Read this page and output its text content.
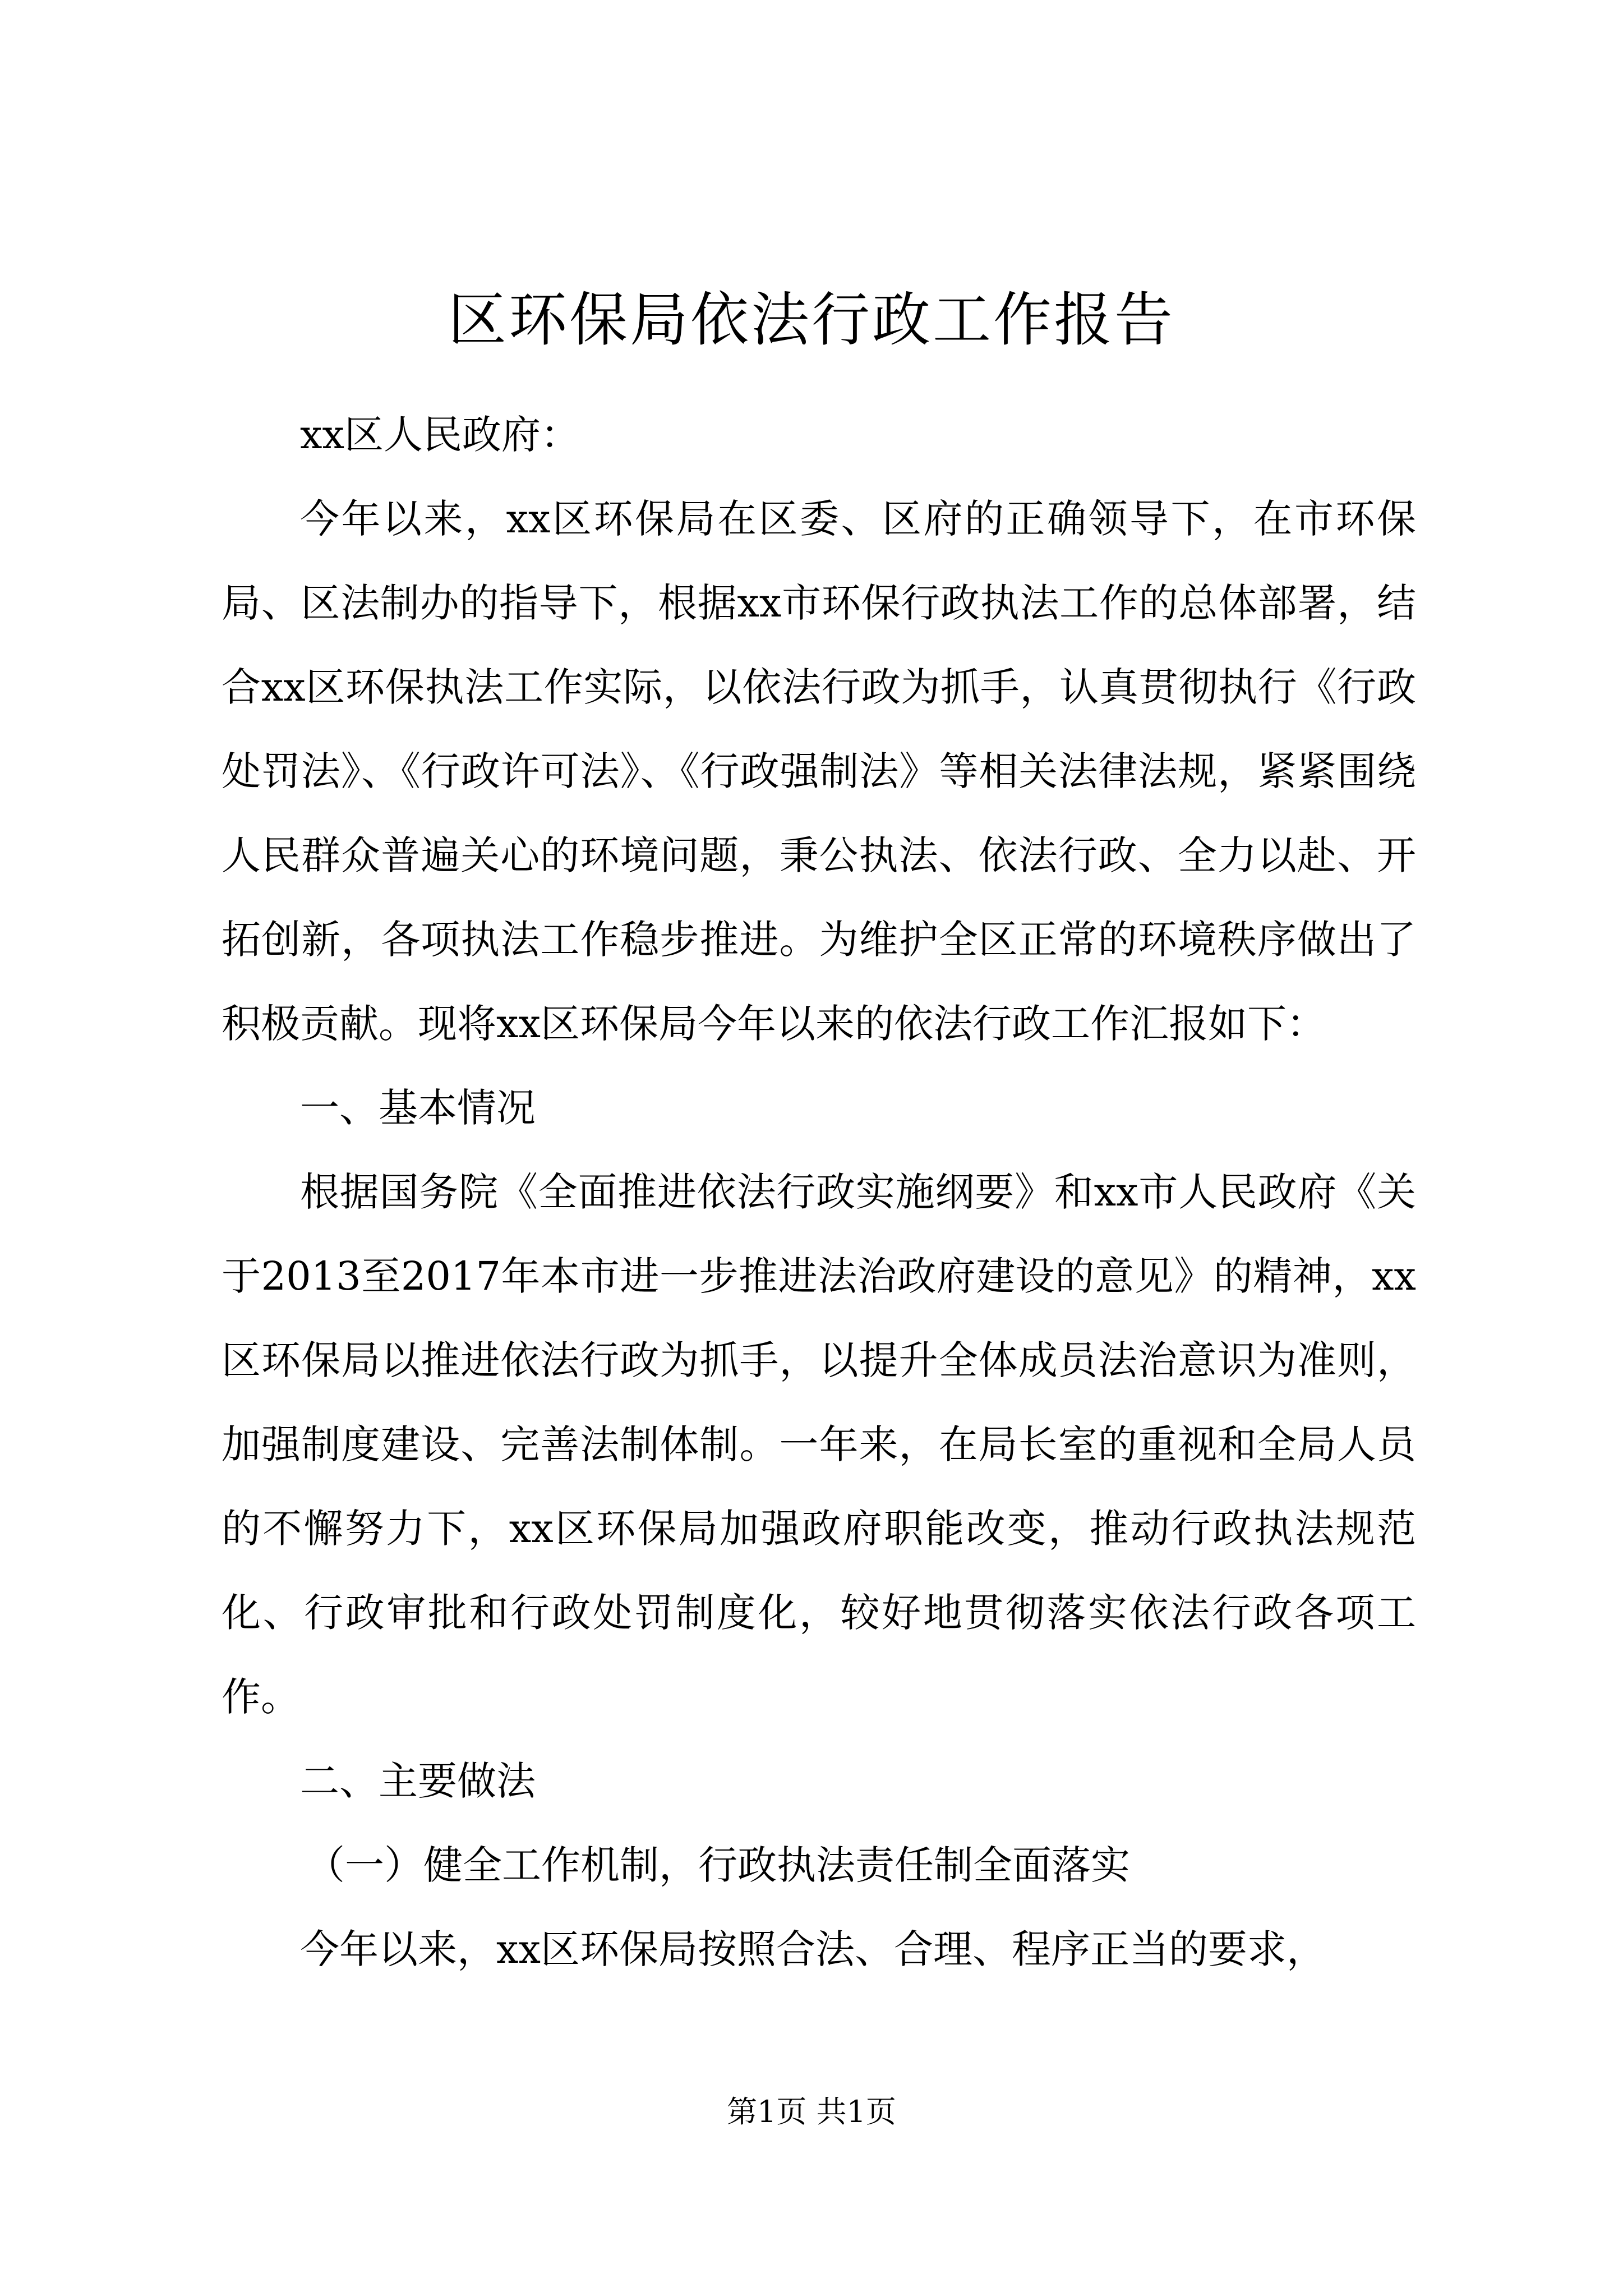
区环保局依法行政工作报告

xx区人民政府：

今年以来，xx区环保局在区委、区府的正确领导下，在市环保局、区法制办的指导下，根据xx市环保行政执法工作的总体部署，结合xx区环保执法工作实际，以依法行政为抓手，认真贯彻执行《行政处罚法》、《行政许可法》、《行政强制法》等相关法律法规，紧紧围绕人民群众普遍关心的环境问题，秉公执法、依法行政、全力以赴、开拓创新，各项执法工作稳步推进。为维护全区正常的环境秩序做出了积极贡献。现将xx区环保局今年以来的依法行政工作汇报如下：

一、基本情况

根据国务院《全面推进依法行政实施纲要》和xx市人民政府《关于2013至2017年本市进一步推进法治政府建设的意见》的精神，xx区环保局以推进依法行政为抓手，以提升全体成员法治意识为准则，加强制度建设、完善法制体制。一年来，在局长室的重视和全局人员的不懈努力下，xx区环保局加强政府职能改变，推动行政执法规范化、行政审批和行政处罚制度化，较好地贯彻落实依法行政各项工作。

二、主要做法

（一）健全工作机制，行政执法责任制全面落实

今年以来，xx区环保局按照合法、合理、程序正当的要求，

第1页 共1页
